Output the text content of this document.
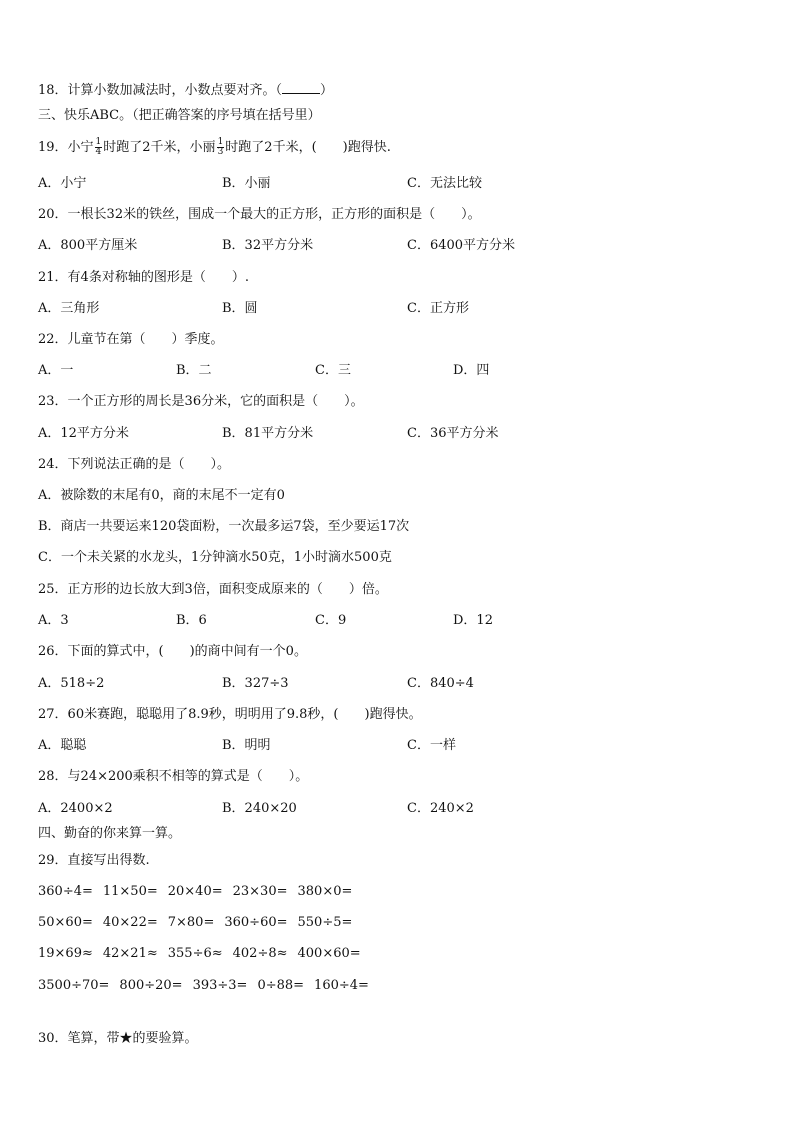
18．计算小数加减法时，小数点要对齐。（	）
三、快乐ABC。（把正确答案的序号填在括号里）
19．小宁 $\frac{1}{4}$ 时跑了2千米，小丽 $\frac{1}{3}$ 时跑了2千米，(　　)跑得快.
A．小宁	B．小丽	C．无法比较
20．一根长32米的铁丝，围成一个最大的正方形，正方形的面积是（　　）。
A．800平方厘米	B．32平方分米	C．6400平方分米
21．有4条对称轴的图形是（　　）.
A．三角形	B．圆	C．正方形
22．儿童节在第（　　）季度。
A．一	B．二	C．三	D．四
23．一个正方形的周长是36分米，它的面积是（　　）。
A．12平方分米	B．81平方分米	C．36平方分米
24．下列说法正确的是（　　）。
A．被除数的末尾有0，商的末尾不一定有0
B．商店一共要运来120袋面粉，一次最多运7袋，至少要运17次
C．一个未关紧的水龙头，1分钟滴水50克，1小时滴水500克
25．正方形的边长放大到3倍，面积变成原来的（　　）倍。
A．3	B．6	C．9	D．12
26．下面的算式中，(　　)的商中间有一个0。
A．518÷2	B．327÷3	C．840÷4
27．60米赛跑，聪聪用了8.9秒，明明用了9.8秒，(　　)跑得快。
A．聪聪	B．明明	C．一样
28．与24×200乘积不相等的算式是（　　）。
A．2400×2	B．240×20	C．240×2
四、勤奋的你来算一算。
29．直接写出得数.
360÷4= 11×50= 20×40= 23×30= 380×0=
50×60= 40×22= 7×80= 360÷60= 550÷5=
19×69≈ 42×21≈ 355÷6≈ 402÷8≈ 400×60=
3500÷70= 800÷20= 393÷3= 0÷88= 160÷4=
30．笔算，带★的要验算。
